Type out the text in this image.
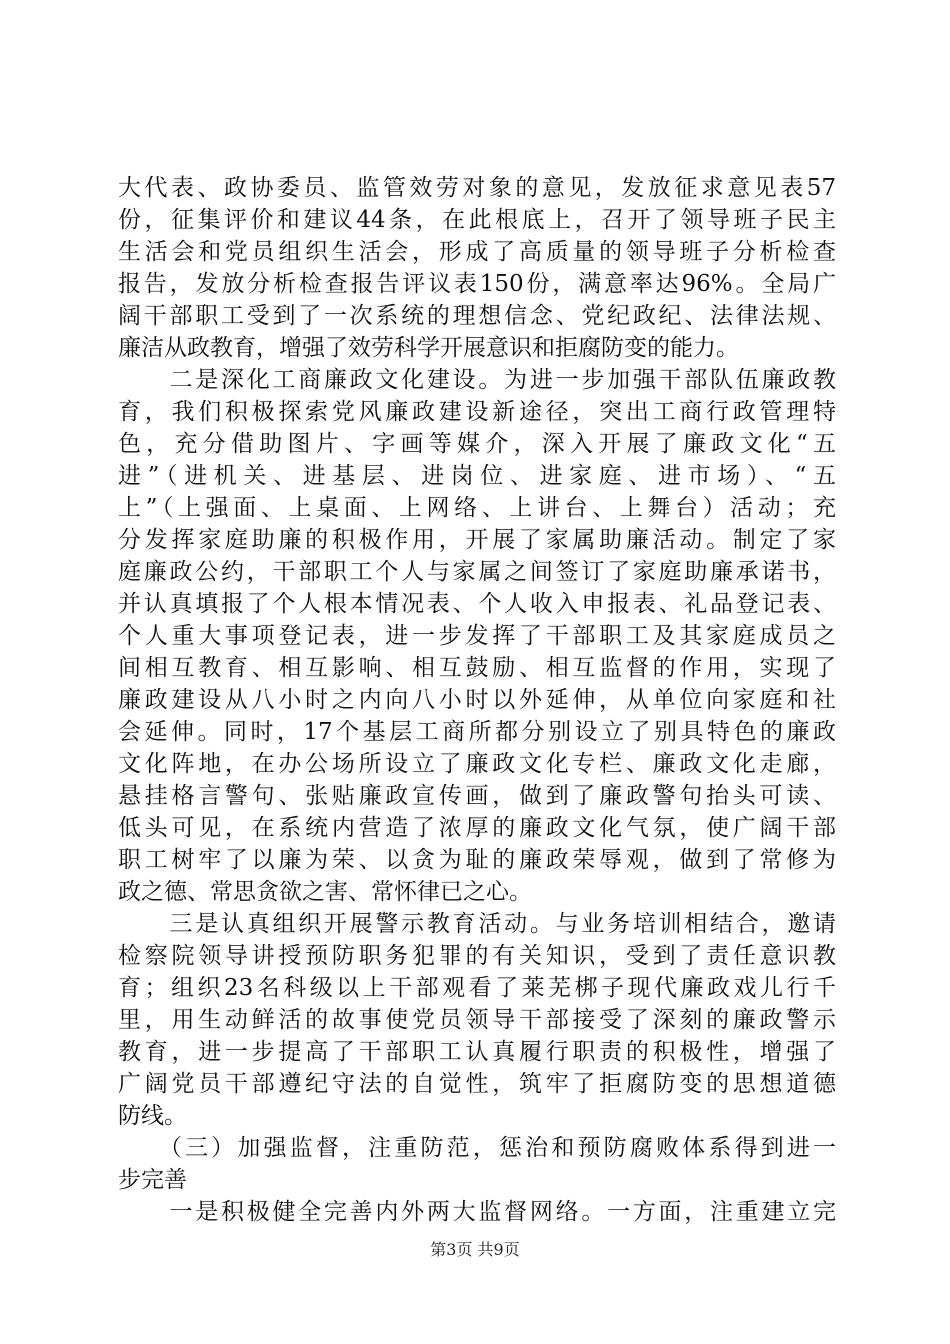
大代表、政协委员、监管效劳对象的意见，发放征求意见表57
份，征集评价和建议44条，在此根底上，召开了领导班子民主
生活会和党员组织生活会，形成了高质量的领导班子分析检查
报告，发放分析检查报告评议表150份，满意率达96%。全局广
阔干部职工受到了一次系统的理想信念、党纪政纪、法律法规、
廉洁从政教育，增强了效劳科学开展意识和拒腐防变的能力。
　　二是深化工商廉政文化建设。为进一步加强干部队伍廉政教
育，我们积极探索党风廉政建设新途径，突出工商行政管理特
色，充分借助图片、字画等媒介，深入开展了廉政文化“五
进”（进机关、进基层、进岗位、进家庭、进市场）、“五
上”（上强面、上桌面、上网络、上讲台、上舞台）活动；充
分发挥家庭助廉的积极作用，开展了家属助廉活动。制定了家
庭廉政公约，干部职工个人与家属之间签订了家庭助廉承诺书，
并认真填报了个人根本情况表、个人收入申报表、礼品登记表、
个人重大事项登记表，进一步发挥了干部职工及其家庭成员之
间相互教育、相互影响、相互鼓励、相互监督的作用，实现了
廉政建设从八小时之内向八小时以外延伸，从单位向家庭和社
会延伸。同时，17个基层工商所都分别设立了别具特色的廉政
文化阵地，在办公场所设立了廉政文化专栏、廉政文化走廊，
悬挂格言警句、张贴廉政宣传画，做到了廉政警句抬头可读、
低头可见，在系统内营造了浓厚的廉政文化气氛，使广阔干部
职工树牢了以廉为荣、以贪为耻的廉政荣辱观，做到了常修为
政之德、常思贪欲之害、常怀律已之心。
　　三是认真组织开展警示教育活动。与业务培训相结合，邀请
检察院领导讲授预防职务犯罪的有关知识，受到了责任意识教
育；组织23名科级以上干部观看了莱芜梆子现代廉政戏儿行千
里，用生动鲜活的故事使党员领导干部接受了深刻的廉政警示
教育，进一步提高了干部职工认真履行职责的积极性，增强了
广阔党员干部遵纪守法的自觉性，筑牢了拒腐防变的思想道德
防线。
　　（三）加强监督，注重防范，惩治和预防腐败体系得到进一
步完善
　　一是积极健全完善内外两大监督网络。一方面，注重建立完
第3页 共9页
